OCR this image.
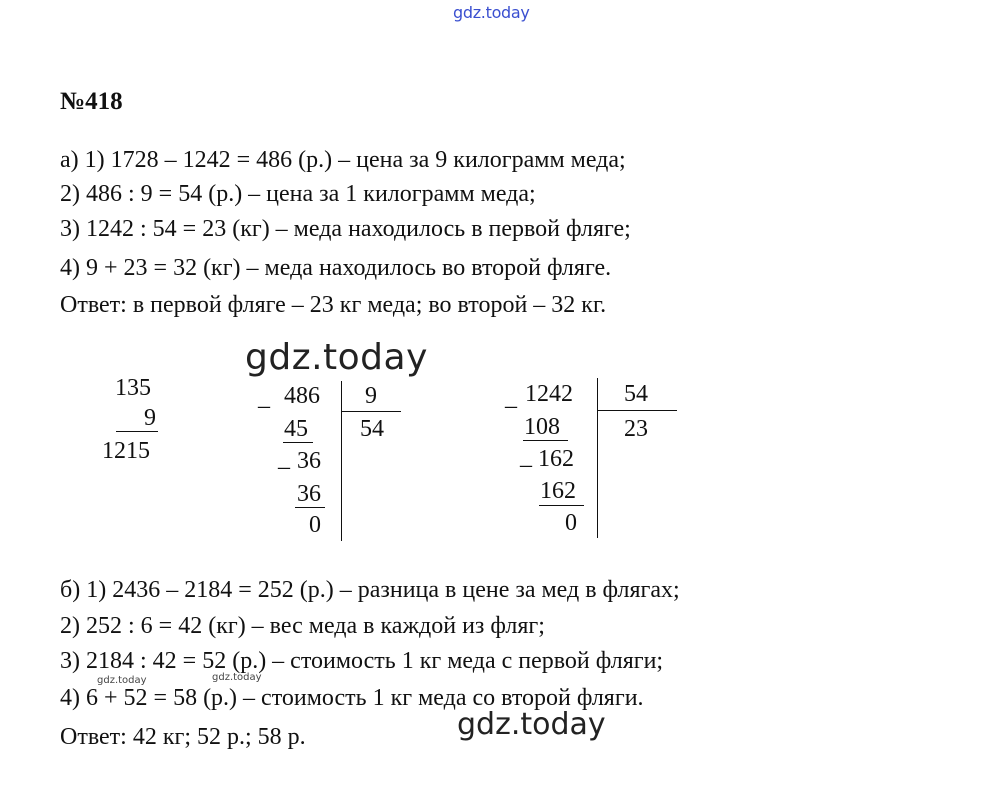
gdz.today
№418
а) 1) 1728 – 1242 = 486 (р.) – цена за 9 килограмм меда;
2) 486 : 9 = 54 (р.) – цена за 1 килограмм меда;
3) 1242 : 54 = 23 (кг) – меда находилось в первой фляге;
4) 9 + 23 = 32 (кг) – меда находилось во второй фляге.
Ответ: в первой фляге – 23 кг меда; во второй – 32 кг.
gdz.today
135
9
1215
_ 486 9
45 54
_ 36
36
0
_ 1242 54
108	23
_ 162
162
0
б) 1) 2436 – 2184 = 252 (р.) – разница в цене за мед в флягах;
2) 252 : 6 = 42 (кг) – вес меда в каждой из фляг;
3) 2184 : 42 = 52 (р.) – стоимость 1 кг меда с первой фляги;
4) 6 + 52 = 58 (р.) – стоимость 1 кг меда со второй фляги.
Ответ: 42 кг; 52 р.; 58 р.
gdz.today	gdz.today
gdz.today
